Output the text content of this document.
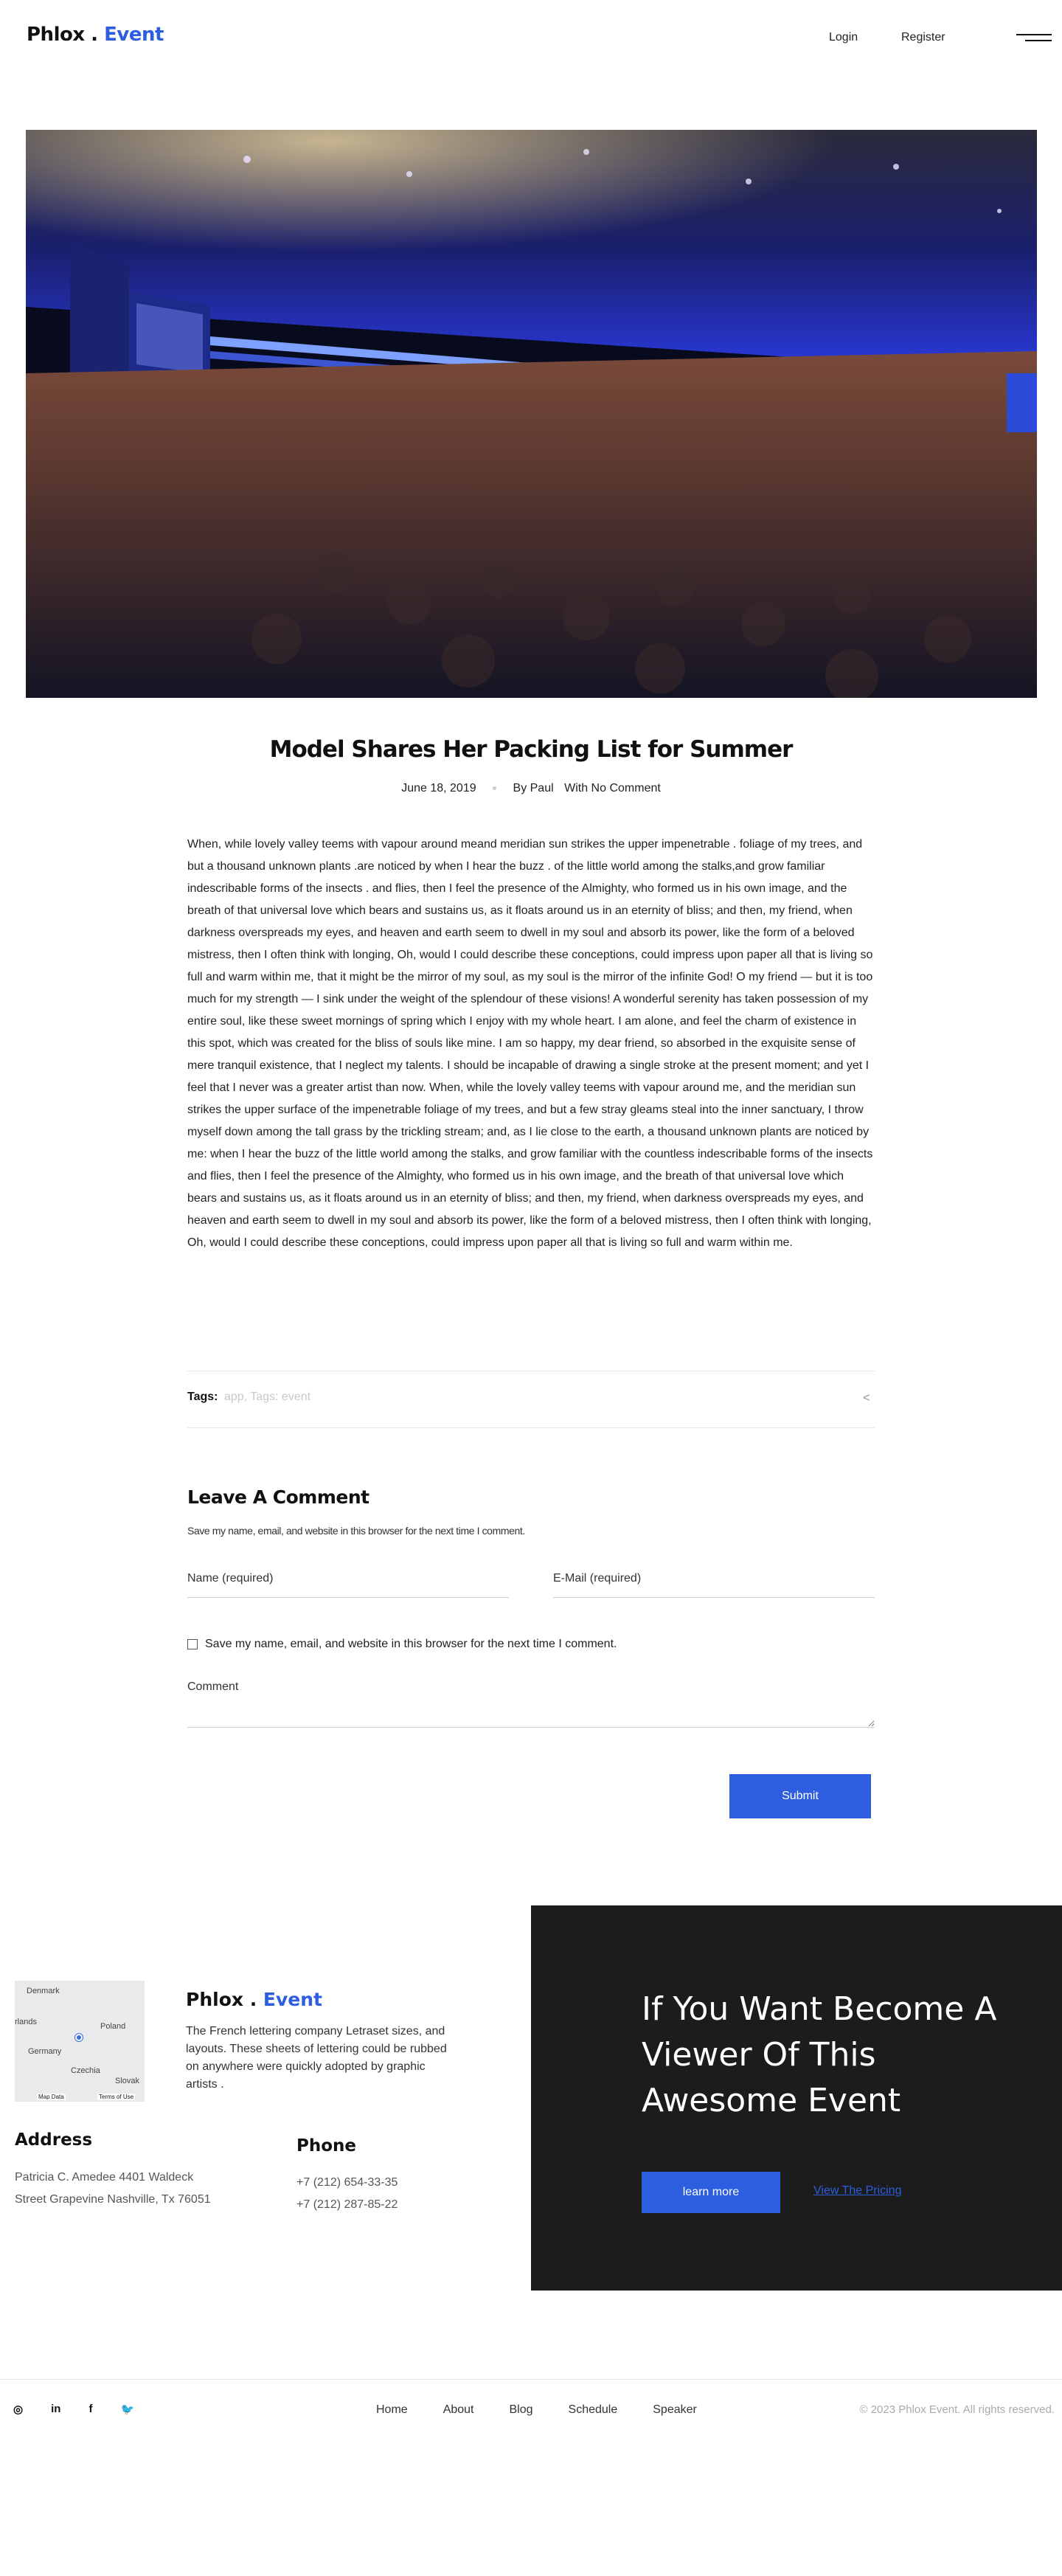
Phlox . Event	Login	Register
Model Shares Her Packing List for Summer
June 18, 2019	By Paul With No Comment

When, while lovely valley teems with vapour around meand meridian sun strikes the upper impenetrable . foliage of my trees, and but a thousand unknown plants .are noticed by when I hear the buzz . of the little world among the stalks,and grow familiar indescribable forms of the insects . and flies, then I feel the presence of the Almighty, who formed us in his own image, and the breath of that universal love which bears and sustains us, as it floats around us in an eternity of bliss; and then, my friend, when darkness overspreads my eyes, and heaven and earth seem to dwell in my soul and absorb its power, like the form of a beloved mistress, then I often think with longing, Oh, would I could describe these conceptions, could impress upon paper all that is living so full and warm within me, that it might be the mirror of my soul, as my soul is the mirror of the infinite God! O my friend — but it is too much for my strength — I sink under the weight of the splendour of these visions! A wonderful serenity has taken possession of my entire soul, like these sweet mornings of spring which I enjoy with my whole heart. I am alone, and feel the charm of existence in this spot, which was created for the bliss of souls like mine. I am so happy, my dear friend, so absorbed in the exquisite sense of mere tranquil existence, that I neglect my talents. I should be incapable of drawing a single stroke at the present moment; and yet I feel that I never was a greater artist than now. When, while the lovely valley teems with vapour around me, and the meridian sun strikes the upper surface of the impenetrable foliage of my trees, and but a few stray gleams steal into the inner sanctuary, I throw myself down among the tall grass by the trickling stream; and, as I lie close to the earth, a thousand unknown plants are noticed by me: when I hear the buzz of the little world among the stalks, and grow familiar with the countless indescribable forms of the insects and flies, then I feel the presence of the Almighty, who formed us in his own image, and the breath of that universal love which bears and sustains us, as it floats around us in an eternity of bliss; and then, my friend, when darkness overspreads my eyes, and heaven and earth seem to dwell in my soul and absorb its power, like the form of a beloved mistress, then I often think with longing, Oh, would I could describe these conceptions, could impress upon paper all that is living so full and warm within me.

Tags: app, Tags: event	<
Leave A Comment

Save my name, email, and website in this browser for the next time I comment.

Name (required)
E-Mail (required)
Save my name, email, and website in this browser for the next time I comment.
Comment
Submit
Denmark
rlands
Germany
Poland
Czechia
Slovak
Map Data	Terms of Use
Phlox . Event

The French lettering company Letraset sizes, and layouts. These sheets of lettering could be rubbed on anywhere were quickly adopted by graphic artists .

Address
Patricia C. Amedee 4401 Waldeck
Street Grapevine Nashville, Tx 76051
Phone
+7 (212) 654-33-35
+7 (212) 287-85-22
If You Want Become A Viewer Of This Awesome Event
learn more	View The Pricing
◎	in	f	🐦	Home	About	Blog	Schedule	Speaker	© 2023 Phlox Event. All rights reserved.
